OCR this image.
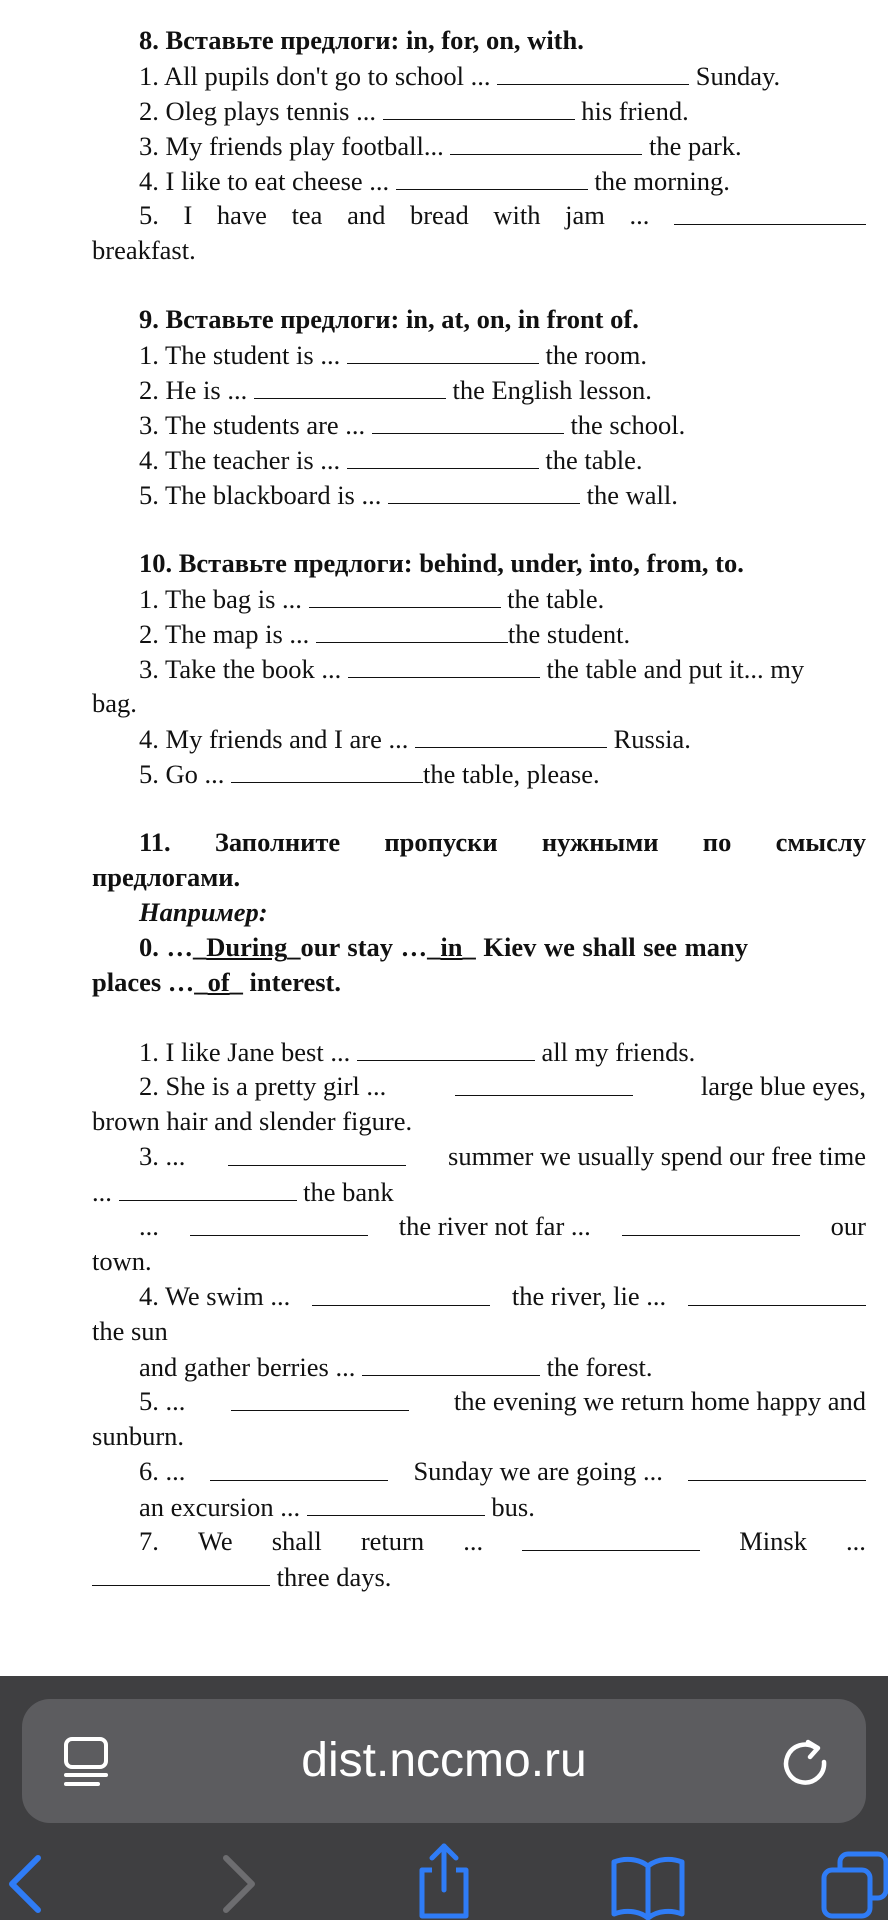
8. Вставьте предлоги: in, for, on, with.
1. All pupils don't go to school ...	Sunday.
2. Oleg plays tennis ...	his friend.
3. My friends play football...	the park.
4. I like to eat cheese ...	the morning.
5. I have tea and bread with jam ...
breakfast.
9. Вставьте предлоги: in, at, on, in front of.
1. The student is ...	the room.
2. He is ...	the English lesson.
3. The students are ...	the school.
4. The teacher is ...	the table.
5. The blackboard is ...	the wall.
10. Вставьте предлоги: behind, under, into, from, to.
1. The bag is ...	the table.
2. The map is ...	the student.
3. Take the book ...	the table and put it... my
bag.
4. My friends and I are ...	Russia.
5. Go ...	the table, please.
11. Заполните пропуски нужными по смыслу
предлогами.
Например:
0. …_During_our stay …_in_ Kiev we shall see many
places …_of_ interest.
1. I like Jane best ...	all my friends.
2. She is a pretty girl ...	large blue eyes,
brown hair and slender figure.
3. ...	summer we usually spend our free time
...	the bank
...	the river not far ...	our
town.
4. We swim ...	the river, lie ...
the sun
and gather berries ...	the forest.
5. ...	the evening we return home happy and
sunburn.
6. ...	Sunday we are going ...
an excursion ...	bus.
7. We shall return ...	Minsk ...
three days.
dist.nccmo.ru
